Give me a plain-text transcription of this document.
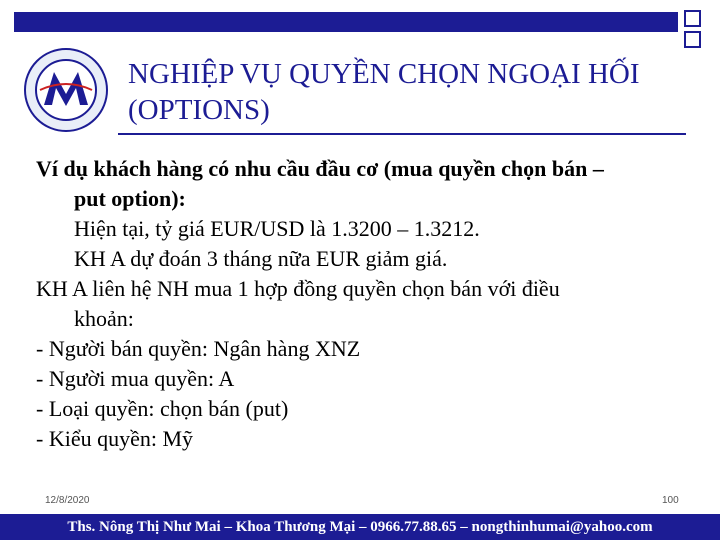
NGHIỆP VỤ QUYỀN CHỌN NGOẠI HỐI
(OPTIONS)

Ví dụ khách hàng có nhu cầu đầu cơ (mua quyền chọn bán –

put option):

Hiện tại, tỷ giá EUR/USD là 1.3200 – 1.3212.

KH A dự đoán 3 tháng nữa EUR giảm giá.

KH A liên hệ NH mua 1 hợp đồng quyền chọn bán với điều

khoản:

- Người bán quyền: Ngân hàng XNZ

- Người mua quyền: A

- Loại quyền: chọn bán (put)

- Kiểu quyền: Mỹ

12/8/2020	100
Ths. Nông Thị Như Mai – Khoa Thương Mại – 0966.77.88.65 – nongthinhumai@yahoo.com
